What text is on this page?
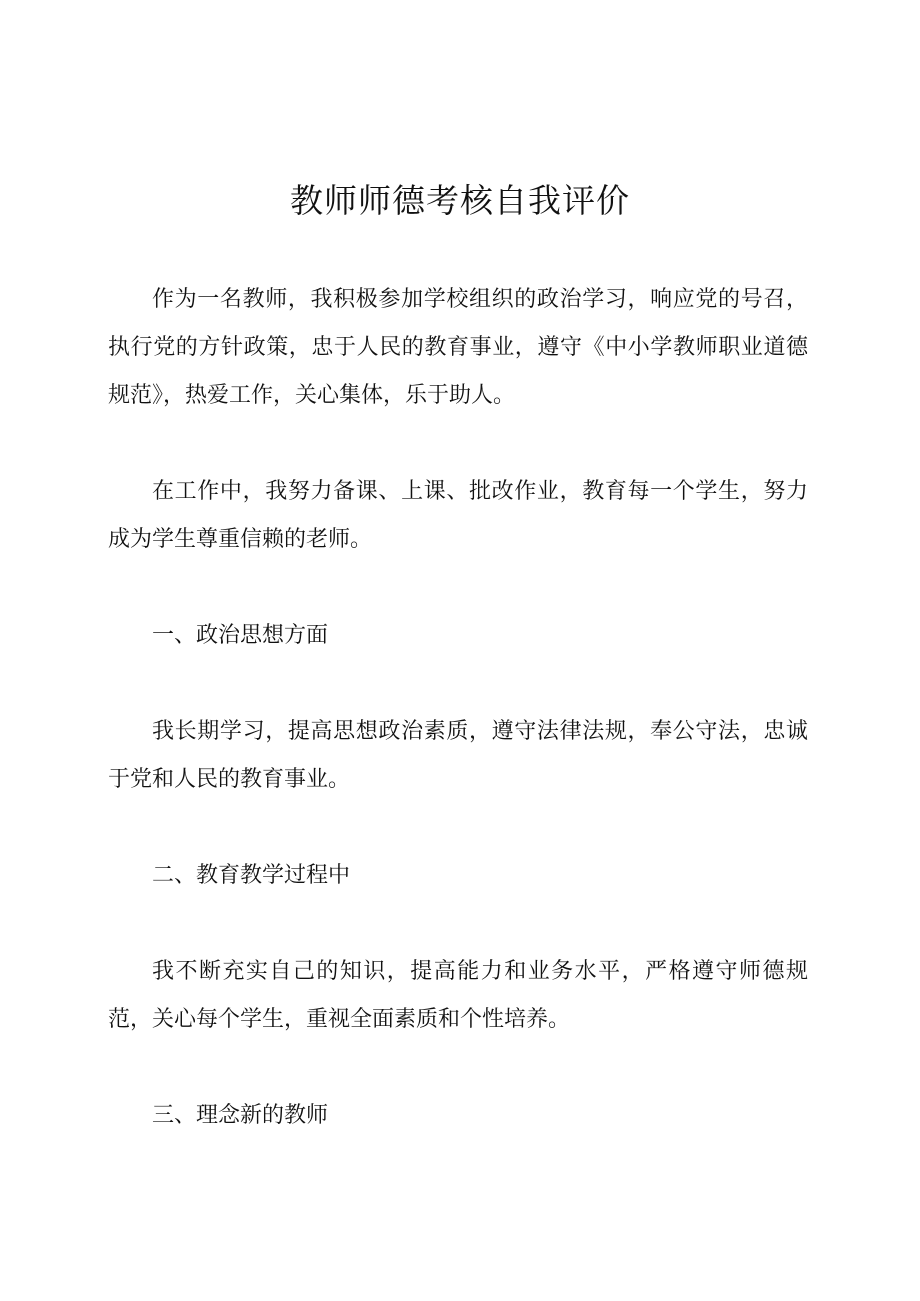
教师师德考核自我评价

作为一名教师，我积极参加学校组织的政治学习，响应党的号召，执行党的方针政策，忠于人民的教育事业，遵守《中小学教师职业道德规范》，热爱工作，关心集体，乐于助人。

在工作中，我努力备课、上课、批改作业，教育每一个学生，努力成为学生尊重信赖的老师。

一、政治思想方面

我长期学习，提高思想政治素质，遵守法律法规，奉公守法，忠诚于党和人民的教育事业。

二、教育教学过程中

我不断充实自己的知识，提高能力和业务水平，严格遵守师德规范，关心每个学生，重视全面素质和个性培养。

三、理念新的教师
